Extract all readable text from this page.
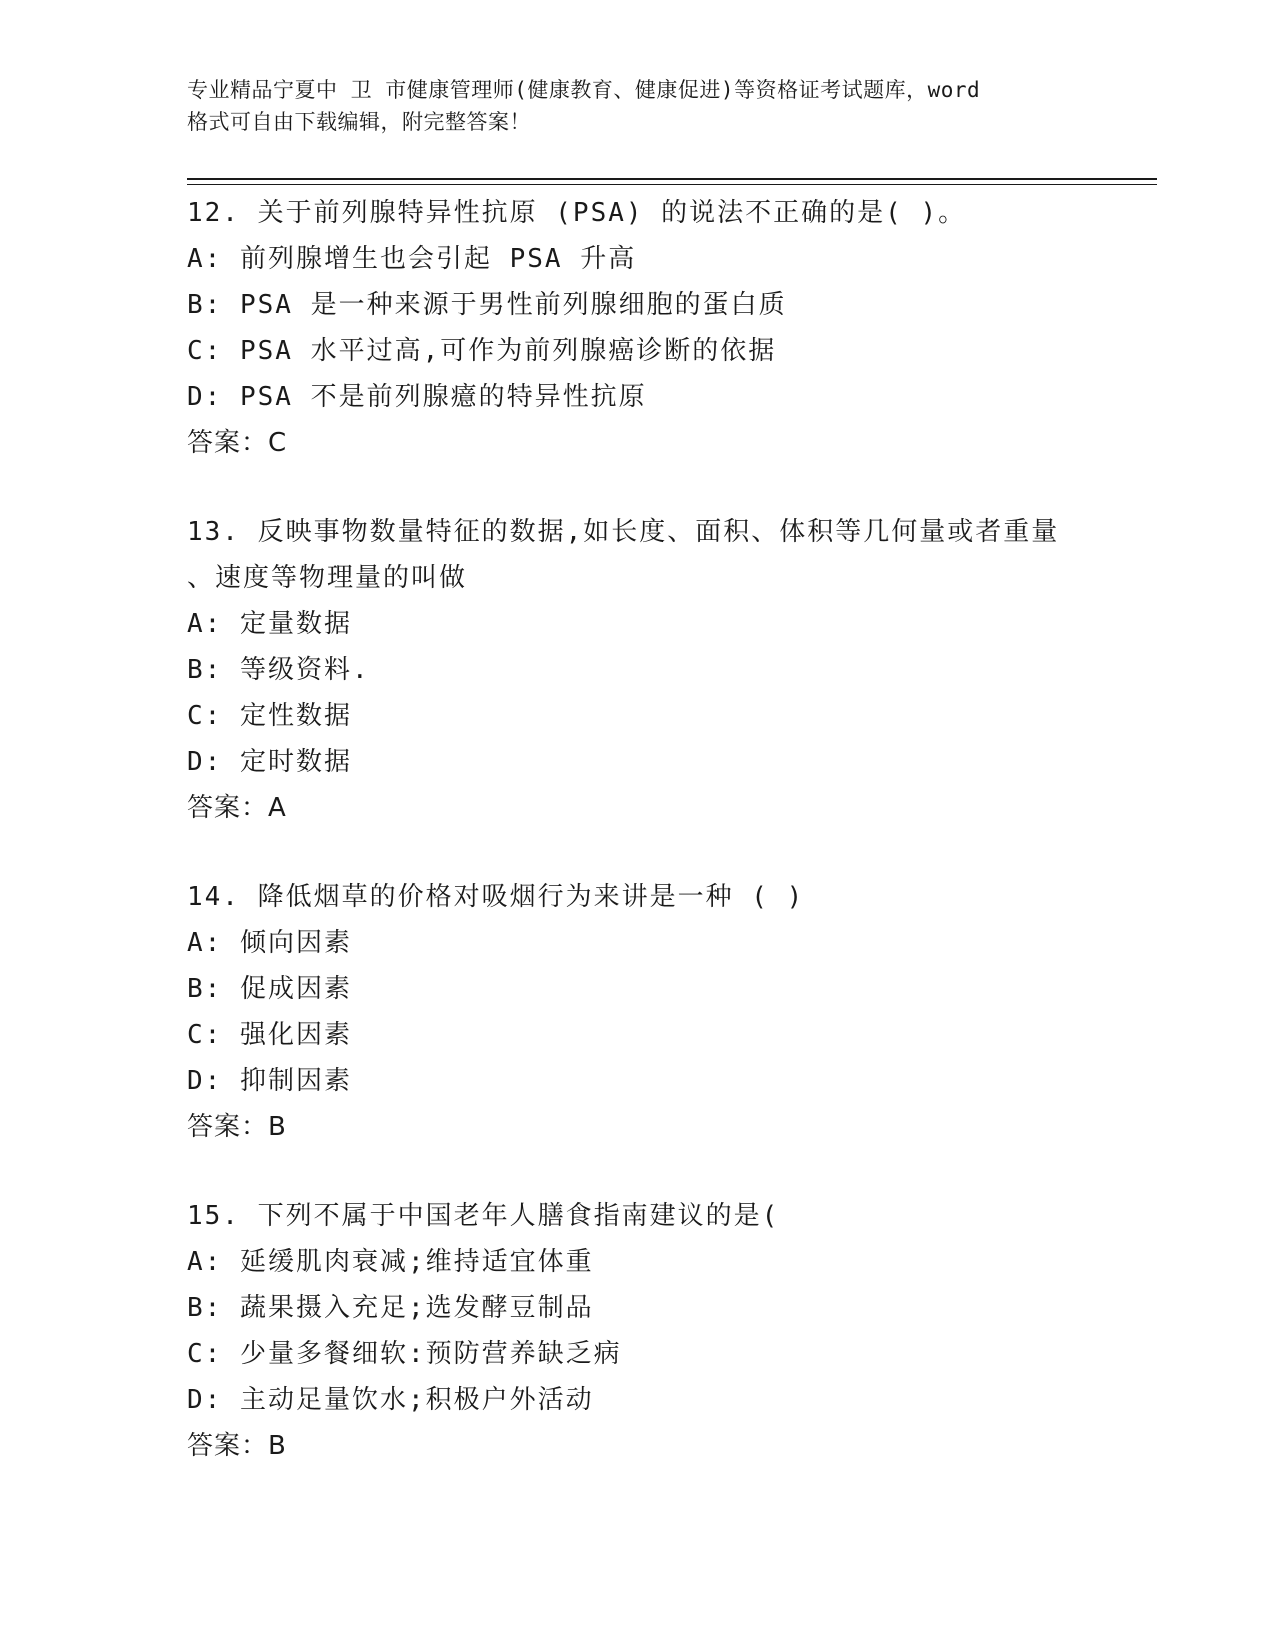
专业精品宁夏中 卫 市健康管理师(健康教育、健康促进)等资格证考试题库，word
格式可自由下载编辑，附完整答案！
12. 关于前列腺特异性抗原 (PSA) 的说法不正确的是( )。
A: 前列腺增生也会引起 PSA 升高
B: PSA 是一种来源于男性前列腺细胞的蛋白质
C: PSA 水平过高,可作为前列腺癌诊断的依据
D: PSA 不是前列腺癔的特异性抗原
答案：C
13. 反映事物数量特征的数据,如长度、面积、体积等几何量或者重量
、速度等物理量的叫做
A: 定量数据
B: 等级资料.
C: 定性数据
D: 定时数据
答案：A
14. 降低烟草的价格对吸烟行为来讲是一种 ( )
A: 倾向因素
B: 促成因素
C: 强化因素
D: 抑制因素
答案：B
15. 下列不属于中国老年人膳食指南建议的是(
A: 延缓肌肉衰减;维持适宜体重
B: 蔬果摄入充足;选发酵豆制品
C: 少量多餐细软:预防营养缺乏病
D: 主动足量饮水;积极户外活动
答案：B
